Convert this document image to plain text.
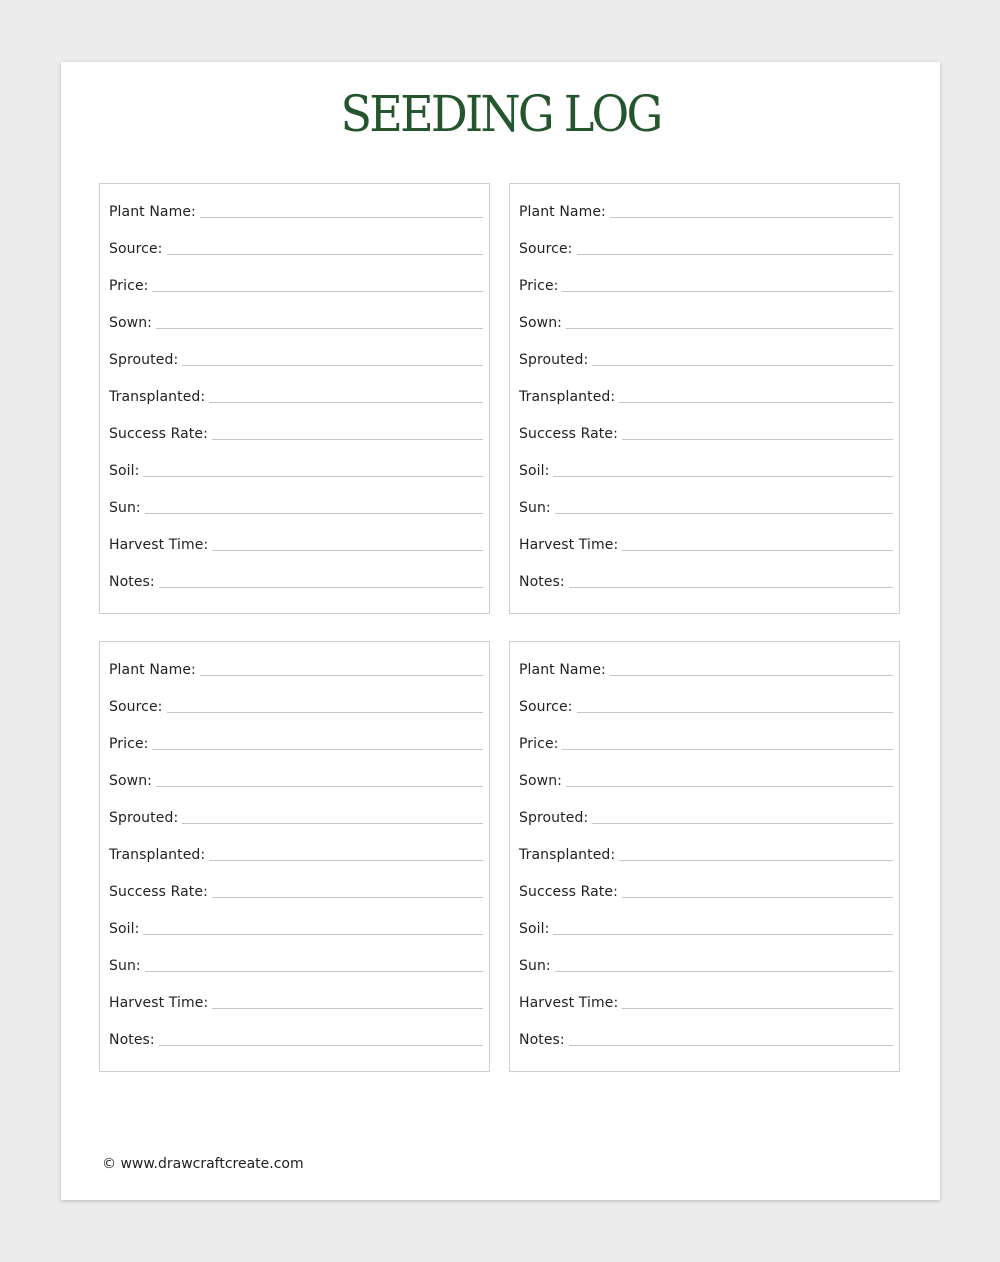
SEEDING LOG
Plant Name:
Source:
Price:
Sown:
Sprouted:
Transplanted:
Success Rate:
Soil:
Sun:
Harvest Time:
Notes:
Plant Name:
Source:
Price:
Sown:
Sprouted:
Transplanted:
Success Rate:
Soil:
Sun:
Harvest Time:
Notes:
Plant Name:
Source:
Price:
Sown:
Sprouted:
Transplanted:
Success Rate:
Soil:
Sun:
Harvest Time:
Notes:
Plant Name:
Source:
Price:
Sown:
Sprouted:
Transplanted:
Success Rate:
Soil:
Sun:
Harvest Time:
Notes:
© www.drawcraftcreate.com
